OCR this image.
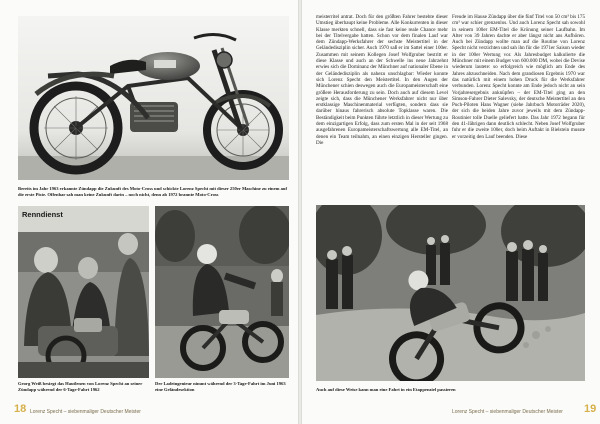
Bereits im Jahr 1963 erkannte Zündapp die Zukunft des Moto-Cross und schickte Lorenz Specht mit dieser 250er Maschine zu einem auf die erste Piste. Offenbar sah man keine Zukunft darin – noch nicht, denn ab 1972 brannte Moto-Cross

Renndienst

Georg Weiß besiegt das Hautlenen von Lorenz Specht an seiner Zündapp während der 6-Tage-Fahrt 1962

Der Ladeingenieur nimmt während der 3-Tage-Fahrt im Juni 1963 eine Geländesektion

18 Lorenz Specht – siebenmaliger Deutscher Meister

meisterritel antrat. Doch für den größten Fahrer bestehte dieser Umstieg überhaupt keine Probleme. Alle Konkurrenten in dieser Klasse merkten schnell, dass sie fast keine reale Chance mehr bei der Titelvergabe hatten. Schon vor dem finalen Lauf war dem Zündapp-Werksfahrer der sechste Meistertitel in der Geländedisziplin sicher. Auch 1970 saß er im Sattel einer 100er. Zusammen mit seinem Kollegen Josef Wolfgruber bestritt er diese Klasse und auch an der Schwelle ins neue Jahrzehnt erwies sich die Dominanz der Münchner auf nationaler Ebene in der Geländedisziplin als nahezu unschlagbar: Wieder konnte sich Lorenz Specht den Meistertitel. In den Augen der Münchener schien deswegen auch die Europameisterschaft eine größere Herausforderung zu sein. Doch auch auf diesem Level zeigte sich, dass die Münchener Werksfahrer nicht nur über erstklassige Maschinenmaterial verfügten, sondern dass sie darüber hinaus fahrerisch absolute Topklasse waren. Die Beständigkeit beim Punkten führte letztlich in dieser Wertung zu dem einzigartigen Erfolg, dass zum ersten Mal in der seit 1968 ausgefahrenen Europameisterschaftswertung alle EM-Titel, an denen ein Team teilnahm, an einen einzigen Hersteller gingen. Die

Freude im Hause Zündapp über die fünf Titel von 50 cm³ bis 175 cm³ war schier grenzenlos. Und auch Lorenz Specht sah sowohl in seinem 100er EM-Titel die Krönung seiner Laufbahn. Im Alter von 39 Jahren dachte er aber längst nicht ans Aufhören. Auch bei Zündapp wollte man auf die Routine von Lorenz Specht nicht verzichten und sah ihn für die 1971er Saison wieder in der 100er Wertung vor. Als Jahresbudget kalkulierte die Münchner mit einem Budget von 600.000 DM, wobei die Devise wiederum lautete: so erfolgreich wie möglich am Ende des Jahres abzuschneiden. Nach dem grandiosen Ergebnis 1970 war das natürlich mit einem hohen Druck für die Werksfahrer verbunden. Lorenz Specht konnte am Ende jedoch nicht an sein Vorjahresergebnis anknüpfen – der EM-Titel ging an den Simson-Fahrer Dieter Salevsky, der deutsche Meistertitel an den Puch-Piloten Hans Wagner (siehe Jahrbuch Motorräder 2020), der sich die beiden Jahre zuvor jeweils mit dem Zündapp-Routinier tolle Duelle geliefert hatte. Das Jahr 1972 begann für den 41-Jährigen dann deutlich schlecht. Neben Josef Wolfgruber fuhr er die zweite 100er, doch beim Auftakt in Bielstein musste er vorzeitig den Lauf beenden. Diese

Auch auf diese Weise kann man eine Fahrt in ein Etappenziel passieren

Lorenz Specht – siebenmaliger Deutscher Meister 19
